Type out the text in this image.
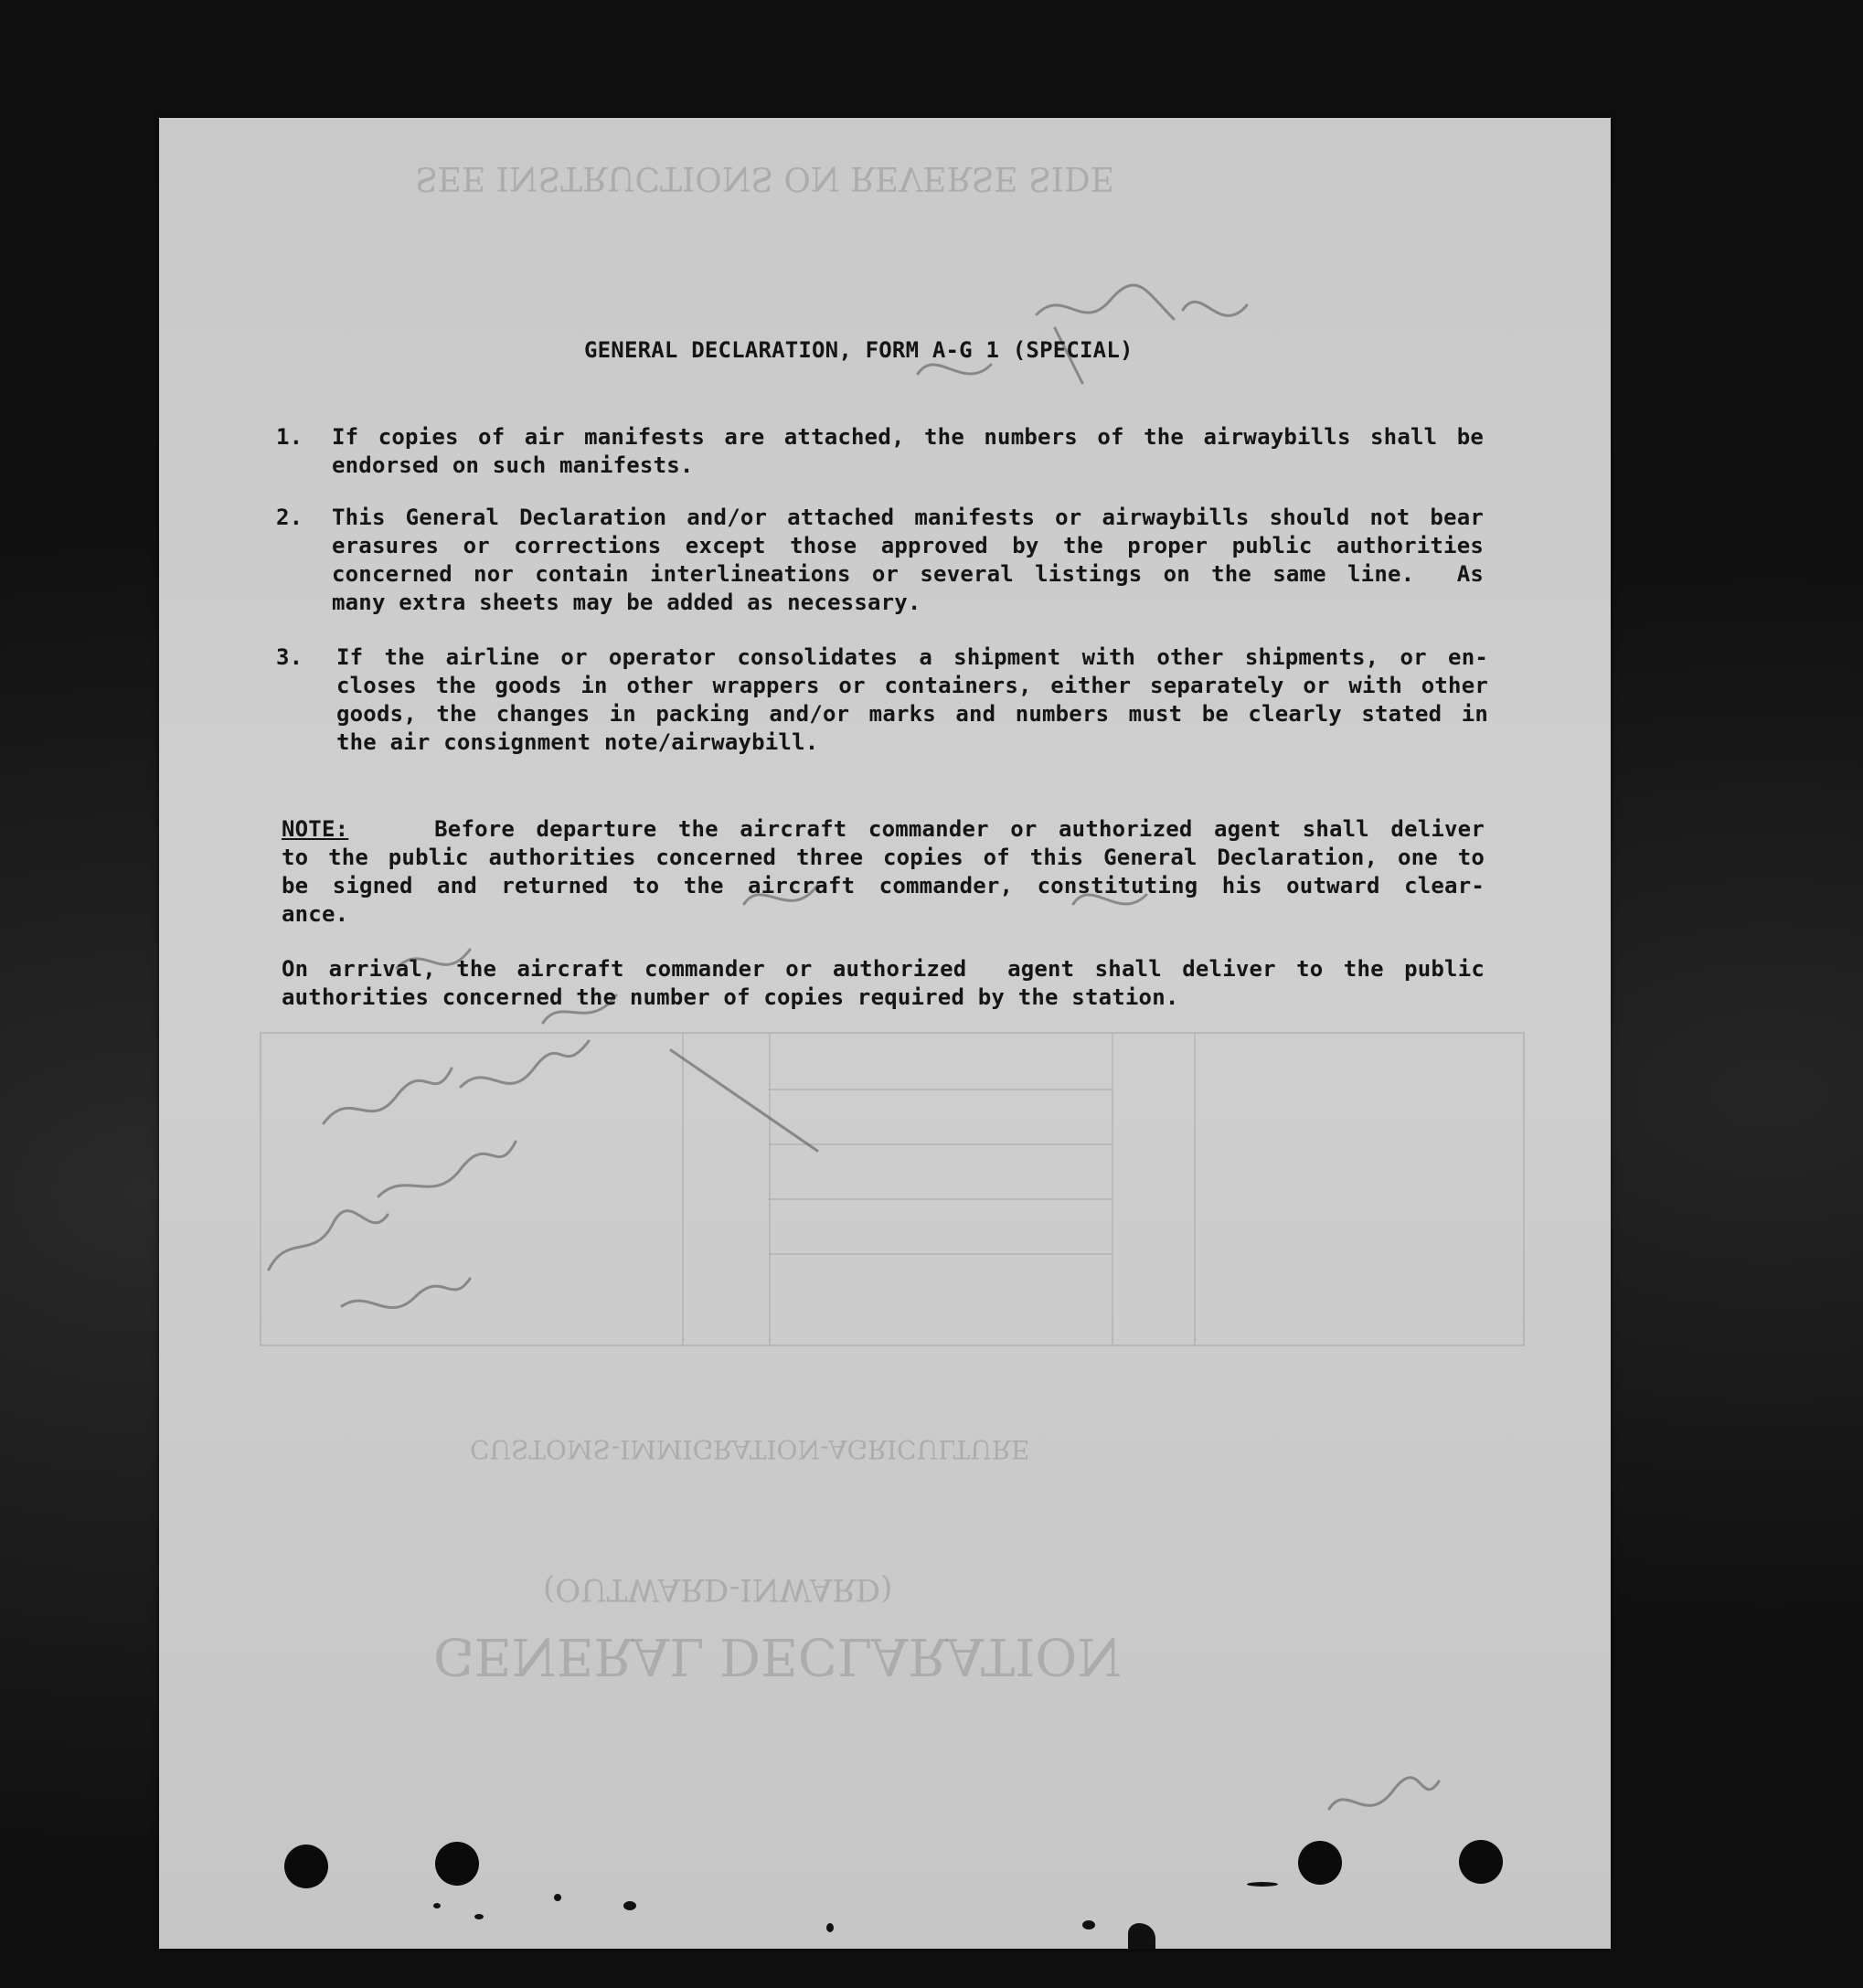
GENERAL DECLARATION
(OUTWARD-INWARD)
CUSTOMS-IMMIGRATION-AGRICULTURE
SEE INSTRUCTIONS ON REVERSE SIDE
GENERAL DECLARATION, FORM A-G 1 (SPECIAL)
1.	If copies of air manifests are attached, the numbers of the airwaybills shall be
endorsed on such manifests.
2.	This General Declaration and/or attached manifests or airwaybills should not bear
erasures or corrections except those approved by the proper public authorities
concerned nor contain interlineations or several listings on the same line.  As
many extra sheets may be added as necessary.
3.	If the airline or operator consolidates a shipment with other shipments, or en-
closes the goods in other wrappers or containers, either separately or with other
goods, the changes in packing and/or marks and numbers must be clearly stated in
the air consignment note/airwaybill.
NOTE:	Before departure the aircraft commander or authorized agent shall deliver
to the public authorities concerned three copies of this General Declaration, one to
be signed and returned to the aircraft commander, constituting his outward clear-
ance.
On arrival, the aircraft commander or authorized  agent shall deliver to the public
authorities concerned the number of copies required by the station.
